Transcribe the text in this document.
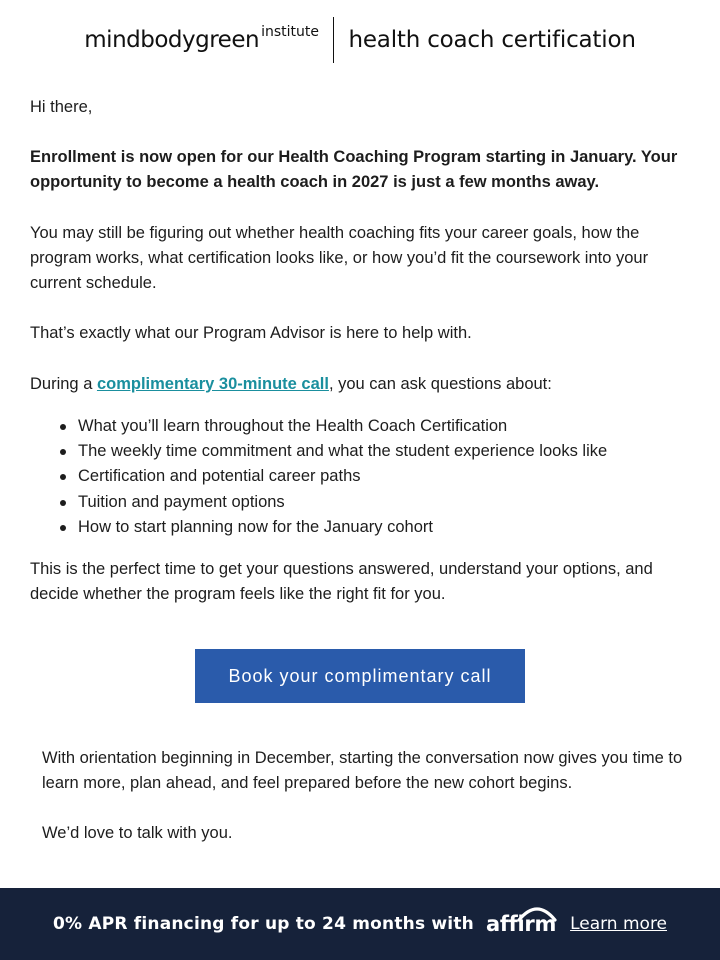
mindbodygreen institute health coach certification

Hi there,

Enrollment is now open for our Health Coaching Program starting in January. Your opportunity to become a health coach in 2027 is just a few months away.

You may still be figuring out whether health coaching fits your career goals, how the program works, what certification looks like, or how you’d fit the coursework into your current schedule.

That’s exactly what our Program Advisor is here to help with.

During a complimentary 30-minute call, you can ask questions about:

What you’ll learn throughout the Health Coach Certification
The weekly time commitment and what the student experience looks like
Certification and potential career paths
Tuition and payment options
How to start planning now for the January cohort

This is the perfect time to get your questions answered, understand your options, and decide whether the program feels like the right fit for you.

Book your complimentary call

With orientation beginning in December, starting the conversation now gives you time to learn more, plan ahead, and feel prepared before the new cohort begins.

We’d love to talk with you.

0% APR financing for up to 24 months with affirm Learn more
